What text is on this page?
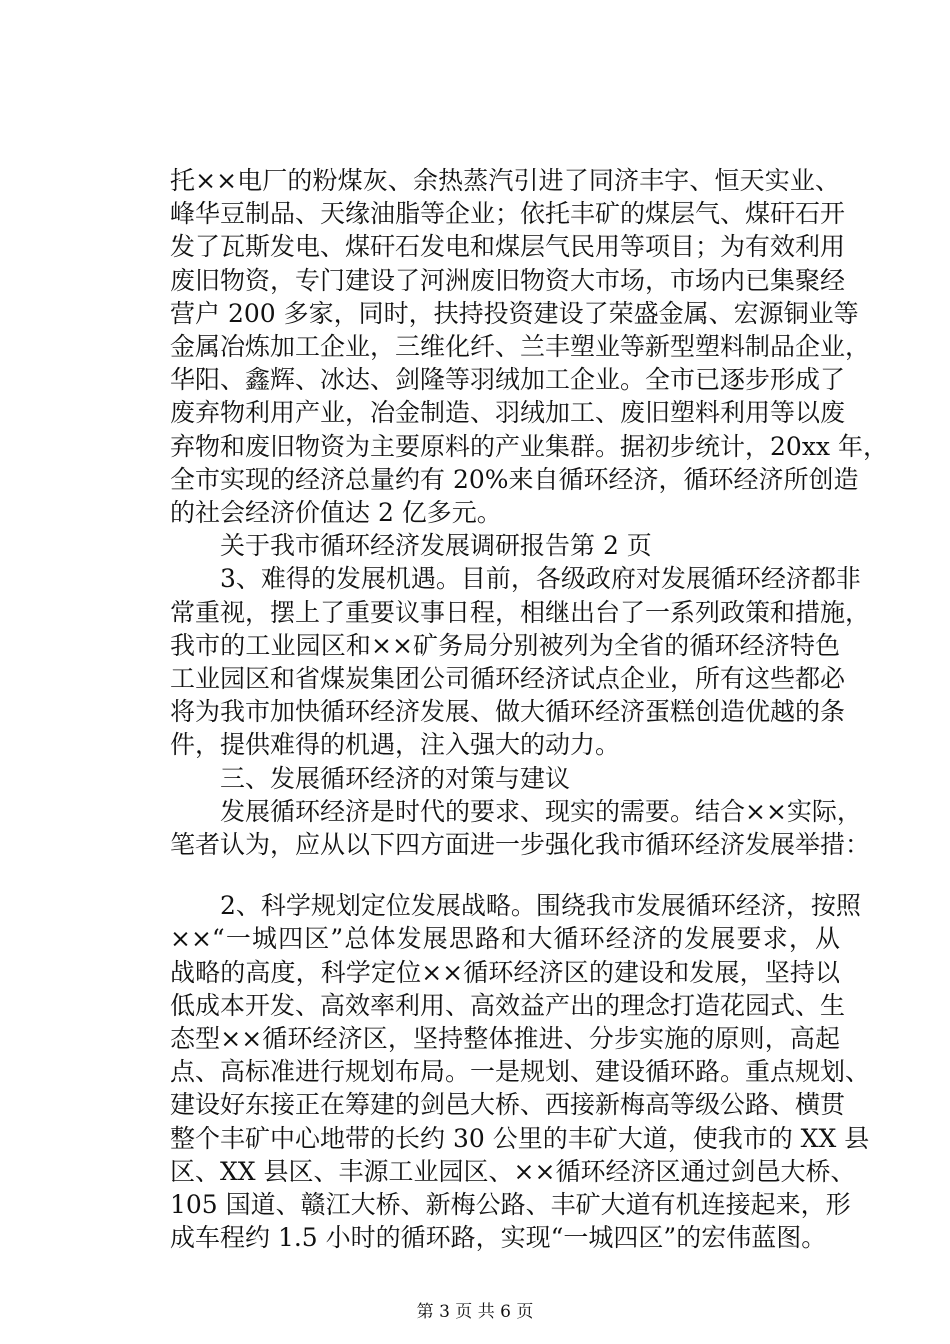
托××电厂的粉煤灰、余热蒸汽引进了同济丰宇、恒天实业、
峰华豆制品、天缘油脂等企业；依托丰矿的煤层气、煤矸石开
发了瓦斯发电、煤矸石发电和煤层气民用等项目；为有效利用
废旧物资，专门建设了河洲废旧物资大市场，市场内已集聚经
营户 200 多家，同时，扶持投资建设了荣盛金属、宏源铜业等
金属冶炼加工企业，三维化纤、兰丰塑业等新型塑料制品企业，
华阳、鑫辉、冰达、剑隆等羽绒加工企业。全市已逐步形成了
废弃物利用产业，冶金制造、羽绒加工、废旧塑料利用等以废
弃物和废旧物资为主要原料的产业集群。据初步统计，20xx 年，
全市实现的经济总量约有 20%来自循环经济，循环经济所创造
的社会经济价值达 2 亿多元。
　　关于我市循环经济发展调研报告第 2 页
　　3、难得的发展机遇。目前，各级政府对发展循环经济都非
常重视，摆上了重要议事日程，相继出台了一系列政策和措施，
我市的工业园区和××矿务局分别被列为全省的循环经济特色
工业园区和省煤炭集团公司循环经济试点企业，所有这些都必
将为我市加快循环经济发展、做大循环经济蛋糕创造优越的条
件，提供难得的机遇，注入强大的动力。
　　三、发展循环经济的对策与建议
　　发展循环经济是时代的要求、现实的需要。结合××实际，
笔者认为，应从以下四方面进一步强化我市循环经济发展举措：
　　2、科学规划定位发展战略。围绕我市发展循环经济，按照
××“一城四区”总体发展思路和大循环经济的发展要求，从
战略的高度，科学定位××循环经济区的建设和发展，坚持以
低成本开发、高效率利用、高效益产出的理念打造花园式、生
态型××循环经济区，坚持整体推进、分步实施的原则，高起
点、高标准进行规划布局。一是规划、建设循环路。重点规划、
建设好东接正在筹建的剑邑大桥、西接新梅高等级公路、横贯
整个丰矿中心地带的长约 30 公里的丰矿大道，使我市的 XX 县
区、XX 县区、丰源工业园区、××循环经济区通过剑邑大桥、
105 国道、赣江大桥、新梅公路、丰矿大道有机连接起来，形
成车程约 1.5 小时的循环路，实现“一城四区”的宏伟蓝图。
第 3 页 共 6 页
